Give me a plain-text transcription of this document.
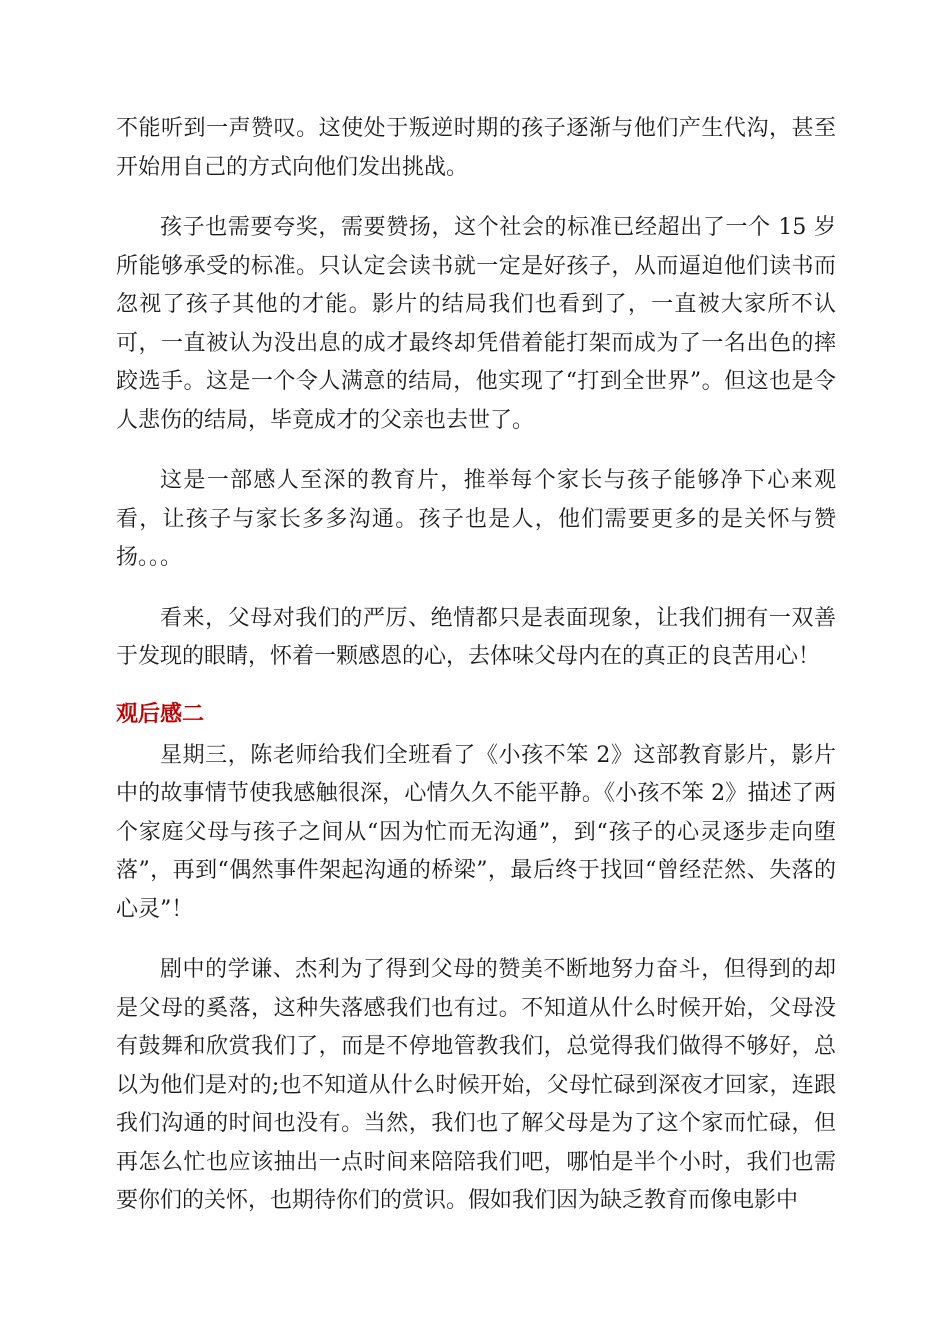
不能听到一声赞叹。这使处于叛逆时期的孩子逐渐与他们产生代沟，甚至开始用自己的方式向他们发出挑战。

孩子也需要夸奖，需要赞扬，这个社会的标准已经超出了一个 15 岁所能够承受的标准。只认定会读书就一定是好孩子，从而逼迫他们读书而忽视了孩子其他的才能。影片的结局我们也看到了，一直被大家所不认可，一直被认为没出息的成才最终却凭借着能打架而成为了一名出色的摔跤选手。这是一个令人满意的结局，他实现了“打到全世界”。但这也是令人悲伤的结局，毕竟成才的父亲也去世了。

这是一部感人至深的教育片，推举每个家长与孩子能够净下心来观看，让孩子与家长多多沟通。孩子也是人，他们需要更多的是关怀与赞扬。。。

看来，父母对我们的严厉、绝情都只是表面现象，让我们拥有一双善于发现的眼睛，怀着一颗感恩的心，去体味父母内在的真正的良苦用心！

观后感二

星期三，陈老师给我们全班看了《小孩不笨 2》这部教育影片，影片中的故事情节使我感触很深，心情久久不能平静。《小孩不笨 2》描述了两个家庭父母与孩子之间从“因为忙而无沟通”，到“孩子的心灵逐步走向堕落”，再到“偶然事件架起沟通的桥梁”，最后终于找回“曾经茫然、失落的心灵”！

剧中的学谦、杰利为了得到父母的赞美不断地努力奋斗，但得到的却是父母的奚落，这种失落感我们也有过。不知道从什么时候开始，父母没有鼓舞和欣赏我们了，而是不停地管教我们，总觉得我们做得不够好，总以为他们是对的;也不知道从什么时候开始，父母忙碌到深夜才回家，连跟我们沟通的时间也没有。当然，我们也了解父母是为了这个家而忙碌，但再怎么忙也应该抽出一点时间来陪陪我们吧，哪怕是半个小时，我们也需要你们的关怀，也期待你们的赏识。假如我们因为缺乏教育而像电影中
